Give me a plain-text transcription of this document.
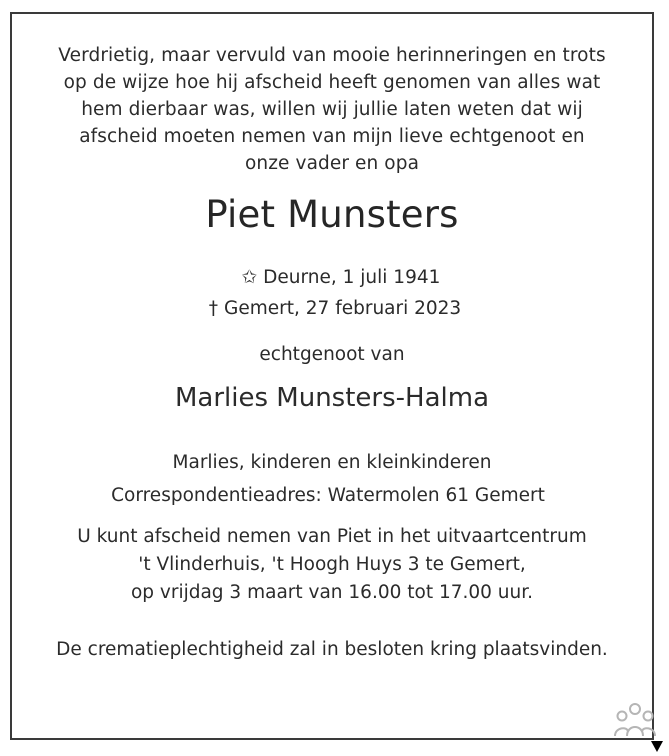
Verdrietig, maar vervuld van mooie herinneringen en trots
op de wijze hoe hij afscheid heeft genomen van alles wat
hem dierbaar was, willen wij jullie laten weten dat wij
afscheid moeten nemen van mijn lieve echtgenoot en
onze vader en opa
Piet Munsters
✩ Deurne, 1 juli 1941
† Gemert, 27 februari 2023
echtgenoot van
Marlies Munsters-Halma
Marlies, kinderen en kleinkinderen
Correspondentieadres: Watermolen 61 Gemert
U kunt afscheid nemen van Piet in het uitvaartcentrum
't Vlinderhuis, 't Hoogh Huys 3 te Gemert,
op vrijdag 3 maart van 16.00 tot 17.00 uur.
De crematieplechtigheid zal in besloten kring plaatsvinden.
